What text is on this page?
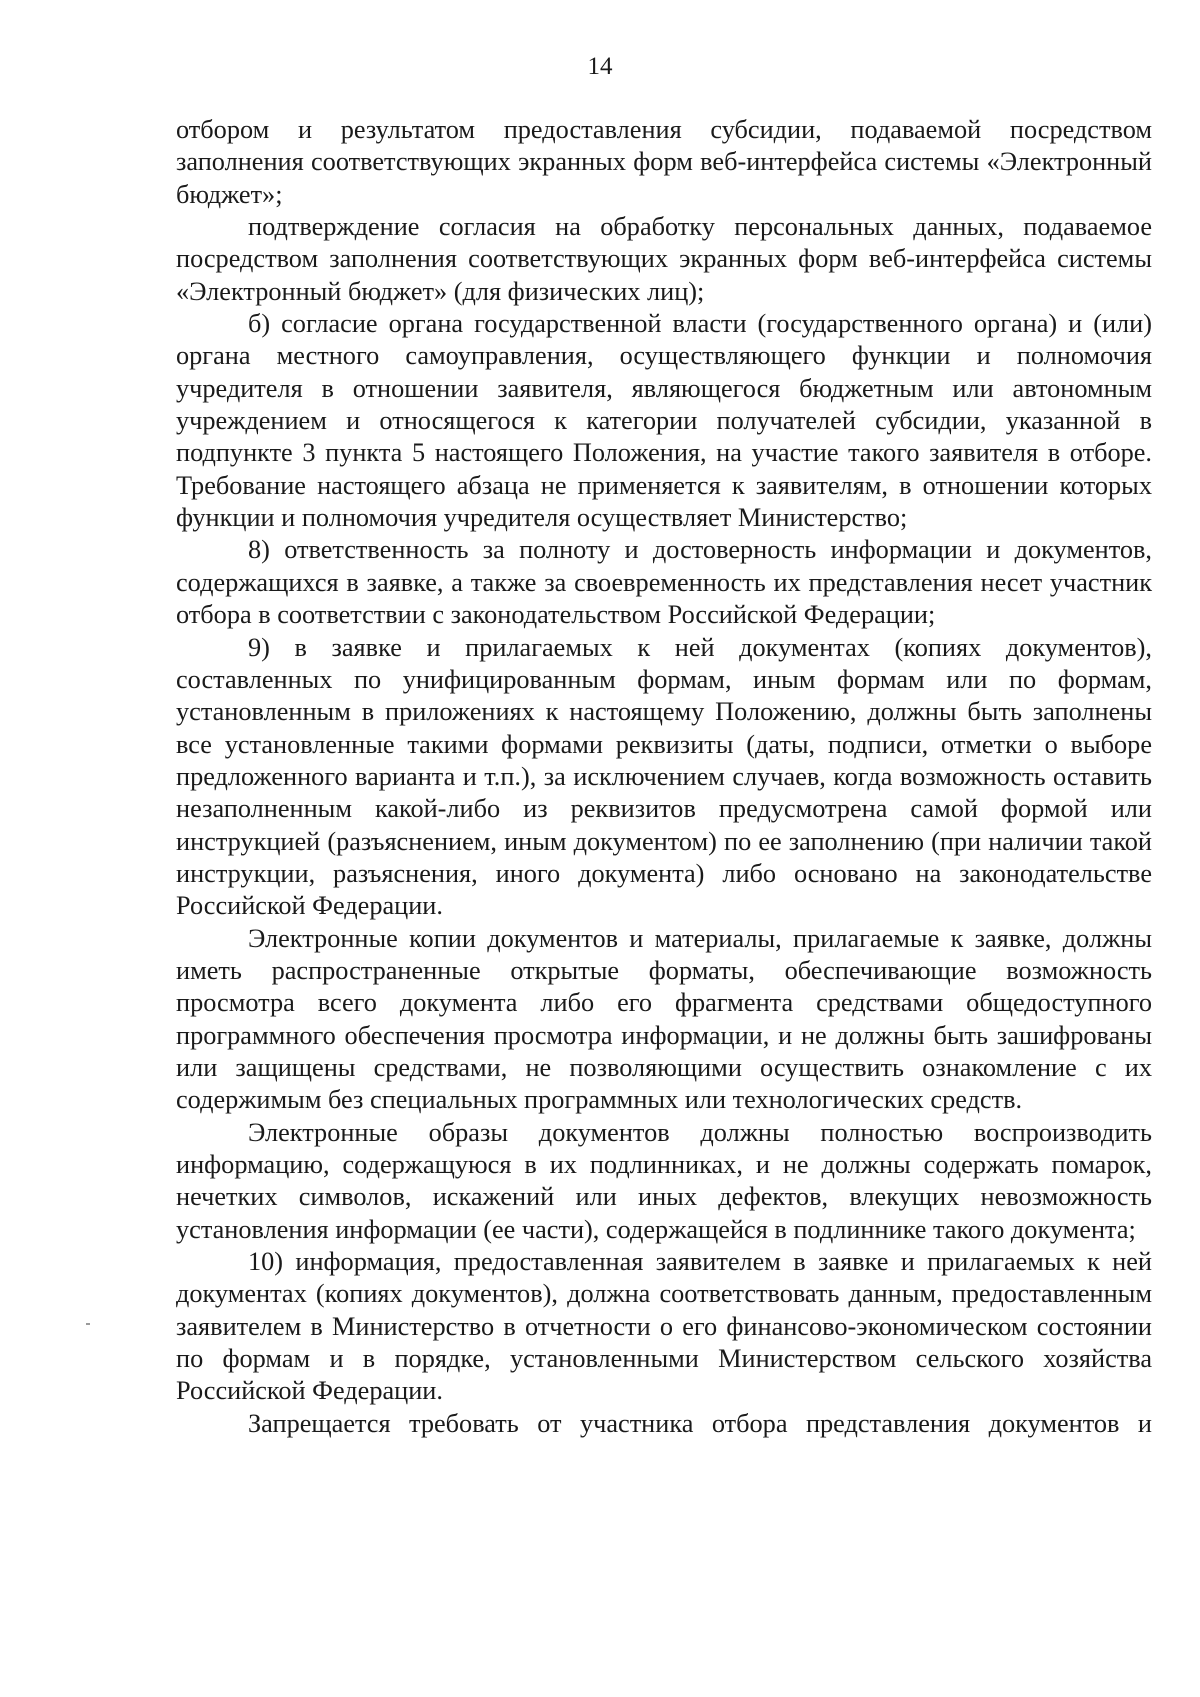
14

отбором и результатом предоставления субсидии, подаваемой посредством заполнения соответствующих экранных форм веб-интерфейса системы «Электронный бюджет»;

подтверждение согласия на обработку персональных данных, подаваемое посредством заполнения соответствующих экранных форм веб-интерфейса системы «Электронный бюджет» (для физических лиц);

б) согласие органа государственной власти (государственного органа) и (или) органа местного самоуправления, осуществляющего функции и полномочия учредителя в отношении заявителя, являющегося бюджетным или автономным учреждением и относящегося к категории получателей субсидии, указанной в подпункте 3 пункта 5 настоящего Положения, на участие такого заявителя в отборе. Требование настоящего абзаца не применяется к заявителям, в отношении которых функции и полномочия учредителя осуществляет Министерство;

8) ответственность за полноту и достоверность информации и документов, содержащихся в заявке, а также за своевременность их представления несет участник отбора в соответствии с законодательством Российской Федерации;

9) в заявке и прилагаемых к ней документах (копиях документов), составленных по унифицированным формам, иным формам или по формам, установленным в приложениях к настоящему Положению, должны быть заполнены все установленные такими формами реквизиты (даты, подписи, отметки о выборе предложенного варианта и т.п.), за исключением случаев, когда возможность оставить незаполненным какой-либо из реквизитов предусмотрена самой формой или инструкцией (разъяснением, иным документом) по ее заполнению (при наличии такой инструкции, разъяснения, иного документа) либо основано на законодательстве Российской Федерации.

Электронные копии документов и материалы, прилагаемые к заявке, должны иметь распространенные открытые форматы, обеспечивающие возможность просмотра всего документа либо его фрагмента средствами общедоступного программного обеспечения просмотра информации, и не должны быть зашифрованы или защищены средствами, не позволяющими осуществить ознакомление с их содержимым без специальных программных или технологических средств.

Электронные образы документов должны полностью воспроизводить информацию, содержащуюся в их подлинниках, и не должны содержать помарок, нечетких символов, искажений или иных дефектов, влекущих невозможность установления информации (ее части), содержащейся в подлиннике такого документа;

10) информация, предоставленная заявителем в заявке и прилагаемых к ней документах (копиях документов), должна соответствовать данным, предоставленным заявителем в Министерство в отчетности о его финансово-экономическом состоянии по формам и в порядке, установленными Министерством сельского хозяйства Российской Федерации.

Запрещается требовать от участника отбора представления документов и
